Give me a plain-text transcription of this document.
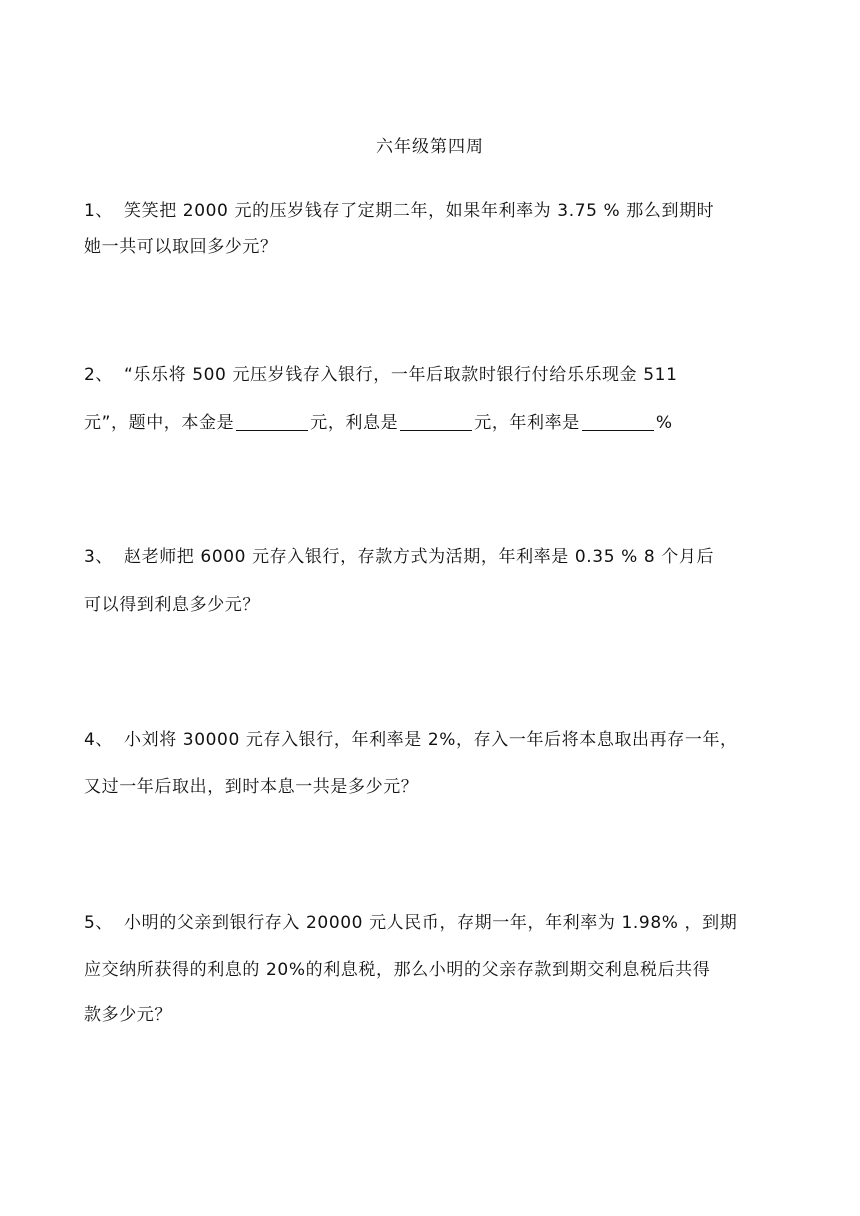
六年级第四周
1、 笑笑把 2000 元的压岁钱存了定期二年，如果年利率为 3.75 % 那么到期时
她一共可以取回多少元？
2、 “乐乐将 500 元压岁钱存入银行，一年后取款时银行付给乐乐现金 511
元”，题中，本金是	元，利息是	元，年利率是	%
3、 赵老师把 6000 元存入银行，存款方式为活期，年利率是 0.35 % 8 个月后
可以得到利息多少元？
4、 小刘将 30000 元存入银行，年利率是 2%，存入一年后将本息取出再存一年，
又过一年后取出，到时本息一共是多少元？
5、 小明的父亲到银行存入 20000 元人民币，存期一年，年利率为 1.98% ，到期
应交纳所获得的利息的 20%的利息税，那么小明的父亲存款到期交利息税后共得
款多少元？
